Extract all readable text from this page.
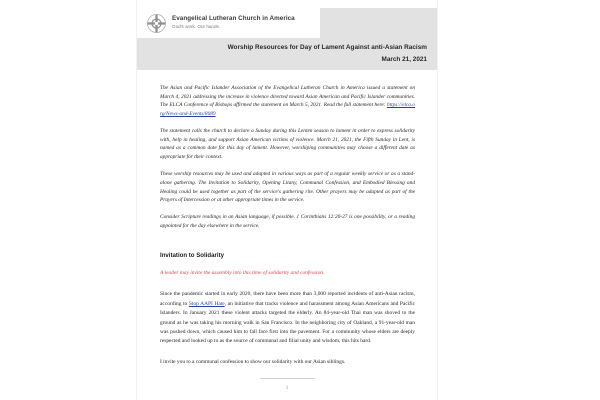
Evangelical Lutheran Church in America
God's work. Our hands.
Worship Resources for Day of Lament Against anti-Asian Racism
March 21, 2021

The Asian and Pacific Islander Association of the Evangelical Lutheran Church in America issued a statement on March 4, 2021 addressing the increase in violence directed toward Asian American and Pacific Islander communities. The ELCA Conference of Bishops affirmed the statement on March 5, 2021. Read the full statement here: https://elca.org/News-and-Events/8089

The statement calls the church to declare a Sunday during this Lenten season to lament in order to express solidarity with, help in healing, and support Asian American victims of violence. March 21, 2021, the Fifth Sunday in Lent, is named as a common date for this day of lament. However, worshiping communities may choose a different date as appropriate for their context.

These worship resources may be used and adapted in various ways as part of a regular weekly service or as a stand-alone gathering. The Invitation to Solidarity, Opening Litany, Communal Confession, and Embodied Blessing and Healing could be used together as part of the service's gathering rite. Other prayers may be adapted as part of the Prayers of Intercession or at other appropriate times in the service.

Consider Scripture readings in an Asian language, if possible. 1 Corinthians 12:20-27 is one possibility, or a reading appointed for the day elsewhere in the service.

Invitation to Solidarity

A leader may invite the assembly into this time of solidarity and confession.

Since the pandemic started in early 2020, there have been more than 3,000 reported incidents of anti-Asian racism, according to Stop AAPI Hate, an initiative that tracks violence and harassment among Asian Americans and Pacific Islanders. In January 2021 these violent attacks targeted the elderly. An 84-year-old Thai man was shoved to the ground as he was taking his morning walk in San Francisco. In the neighboring city of Oakland, a 91-year-old man was pushed down, which caused him to fall face first into the pavement. For a community whose elders are deeply respected and looked up to as the source of communal and filial unity and wisdom, this hits hard.

I invite you to a communal confession to show our solidarity with our Asian siblings.

1
